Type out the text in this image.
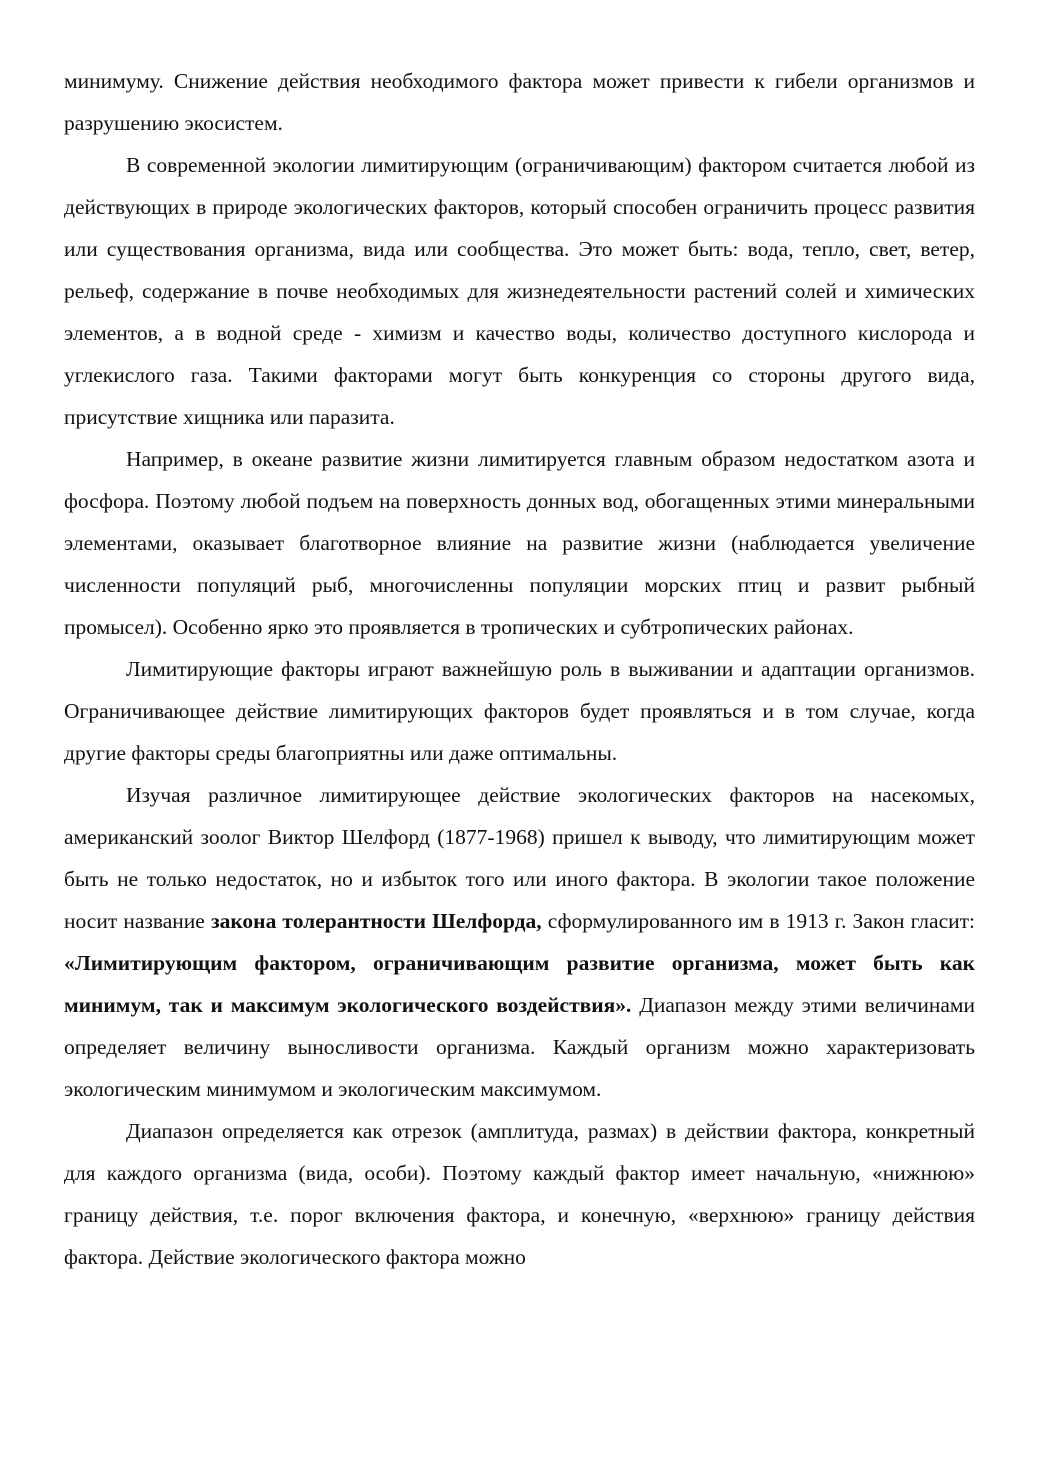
минимуму. Снижение действия необходимого фактора может привести к гибели организмов и разрушению экосистем.

В современной экологии лимитирующим (ограничивающим) фактором считается любой из действующих в природе экологических факторов, который способен ограничить процесс развития или существования организма, вида или сообщества. Это может быть: вода, тепло, свет, ветер, рельеф, содержание в почве необходимых для жизнедеятельности растений солей и химических элементов, а в водной среде - химизм и качество воды, количество доступного кислорода и углекислого газа. Такими факторами могут быть конкуренция со стороны другого вида, присутствие хищника или паразита.

Например, в океане развитие жизни лимитируется главным образом недостатком азота и фосфора. Поэтому любой подъем на поверхность донных вод, обогащенных этими минеральными элементами, оказывает благотворное влияние на развитие жизни (наблюдается увеличение численности популяций рыб, многочисленны популяции морских птиц и развит рыбный промысел). Особенно ярко это проявляется в тропических и субтропических районах.

Лимитирующие факторы играют важнейшую роль в выживании и адаптации организмов. Ограничивающее действие лимитирующих факторов будет проявляться и в том случае, когда другие факторы среды благоприятны или даже оптимальны.

Изучая различное лимитирующее действие экологических факторов на насекомых, американский зоолог Виктор Шелфорд (1877-1968) пришел к выводу, что лимитирующим может быть не только недостаток, но и избыток того или иного фактора. В экологии такое положение носит название закона толерантности Шелфорда, сформулированного им в 1913 г. Закон гласит: «Лимитирующим фактором, ограничивающим развитие организма, может быть как минимум, так и максимум экологического воздействия». Диапазон между этими величинами определяет величину выносливости организма. Каждый организм можно характеризовать экологическим минимумом и экологическим максимумом.

Диапазон определяется как отрезок (амплитуда, размах) в действии фактора, конкретный для каждого организма (вида, особи). Поэтому каждый фактор имеет начальную, «нижнюю» границу действия, т.е. порог включения фактора, и конечную, «верхнюю» границу действия фактора. Действие экологического фактора можно
